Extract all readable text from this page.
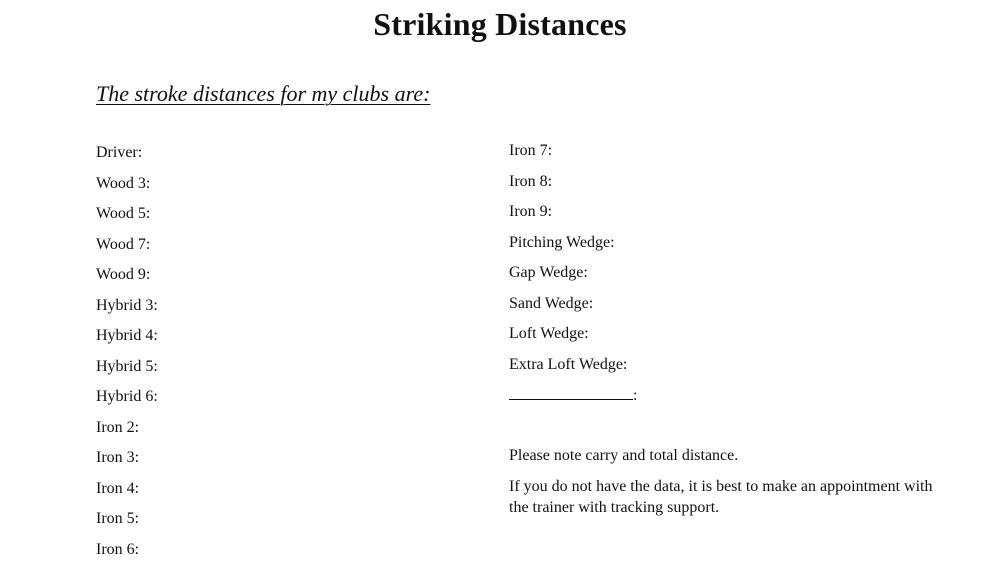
Striking Distances
The stroke distances for my clubs are:
Driver:
Wood 3:
Wood 5:
Wood 7:
Wood 9:
Hybrid 3:
Hybrid 4:
Hybrid 5:
Hybrid 6:
Iron 2:
Iron 3:
Iron 4:
Iron 5:
Iron 6:
Iron 7:
Iron 8:
Iron 9:
Pitching Wedge:
Gap Wedge:
Sand Wedge:
Loft Wedge:
Extra Loft Wedge:
:
Please note carry and total distance.
If you do not have the data, it is best to make an appointment with the trainer with tracking support.
